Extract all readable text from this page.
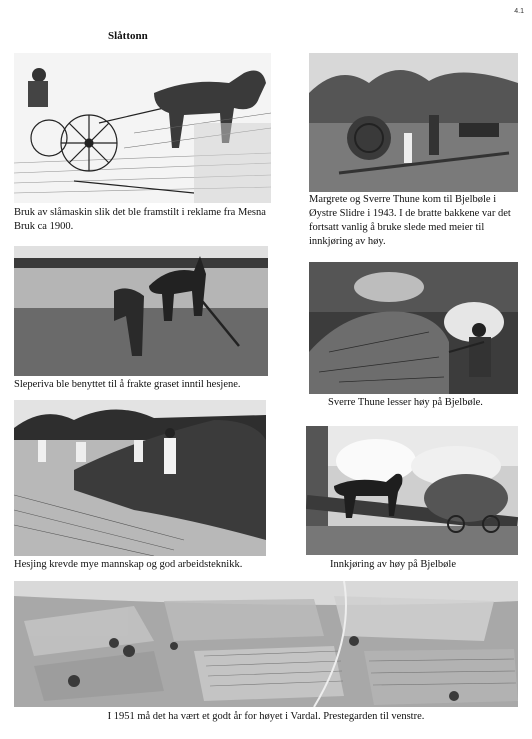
4.1
Slåttonn
Bruk av slåmaskin slik det ble framstilt i reklame fra Mesna Bruk ca 1900.
Margrete og Sverre Thune kom til Bjelbøle i Øystre Slidre i 1943. I de bratte bakkene var det fortsatt vanlig å bruke slede med meier til innkjøring av høy.
Sleperiva ble benyttet til å frakte graset inntil hesjene.
Sverre Thune lesser høy på Bjelbøle.
Hesjing krevde mye mannskap og god arbeidsteknikk.	Innkjøring av høy på Bjelbøle
I 1951 må det ha vært et godt år for høyet i Vardal. Prestegarden til venstre.
